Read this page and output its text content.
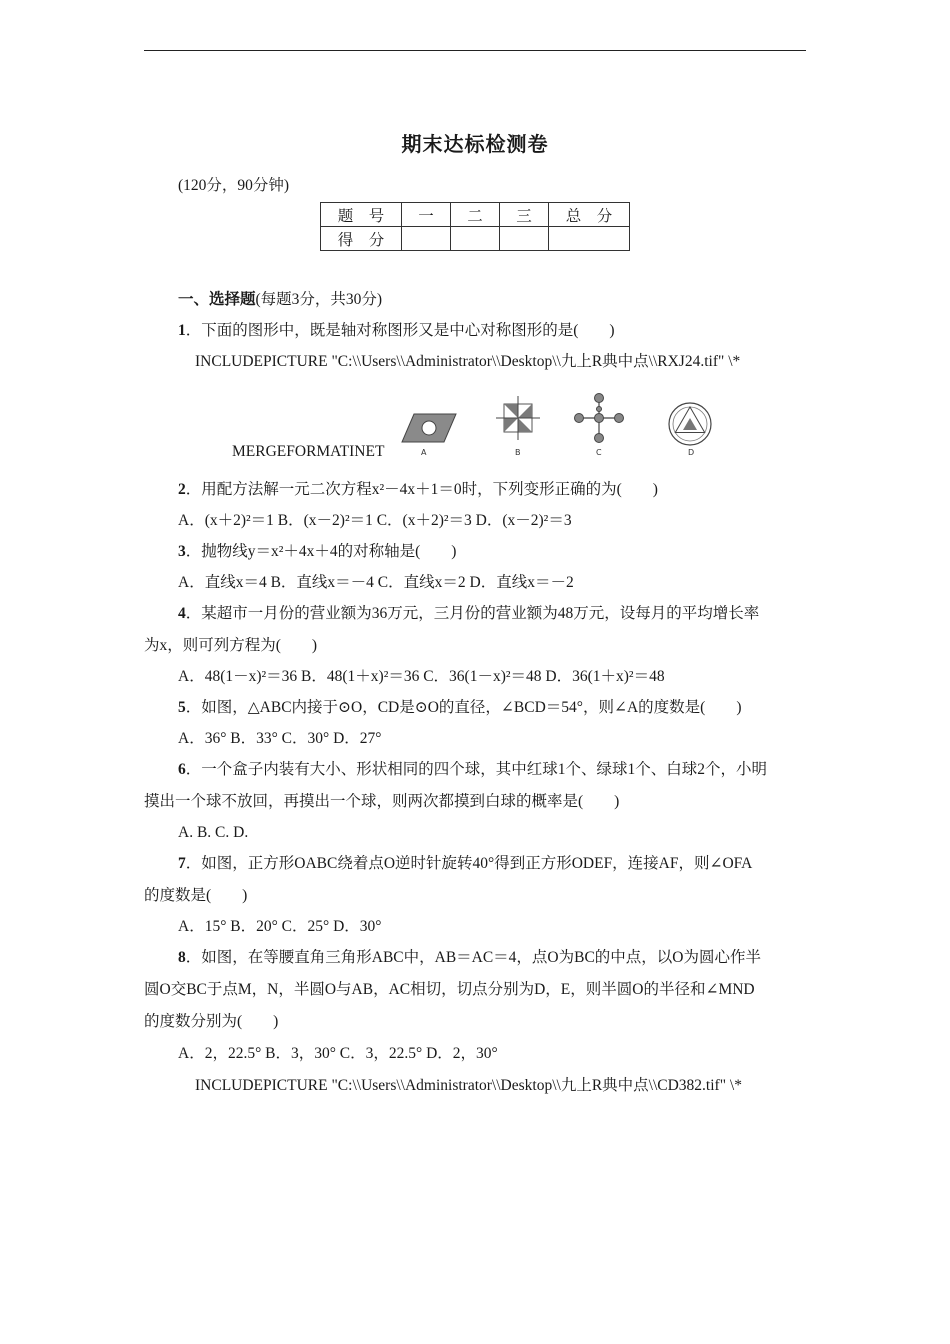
期末达标检测卷
(120分，90分钟)
题　号	一	二	三	总　分
得　分				
一、选择题(每题3分，共30分)
1．下面的图形中，既是轴对称图形又是中心对称图形的是(　　)
INCLUDEPICTURE "C:\\Users\\Administrator\\Desktop\\九上R典中点\\RXJ24.tif" \*
A	B	C	D
MERGEFORMATINET
2．用配方法解一元二次方程x²－4x＋1＝0时，下列变形正确的为(　　)
A．(x＋2)²＝1 B．(x－2)²＝1 C．(x＋2)²＝3 D．(x－2)²＝3
3．抛物线y＝x²＋4x＋4的对称轴是(　　)
A．直线x＝4 B．直线x＝－4 C．直线x＝2 D．直线x＝－2
4．某超市一月份的营业额为36万元，三月份的营业额为48万元，设每月的平均增长率
为x，则可列方程为(　　)
A．48(1－x)²＝36 B．48(1＋x)²＝36 C．36(1－x)²＝48 D．36(1＋x)²＝48
5．如图，△ABC内接于⊙O，CD是⊙O的直径，∠BCD＝54°，则∠A的度数是(　　)
A．36° B．33° C．30° D．27°
6．一个盒子内装有大小、形状相同的四个球，其中红球1个、绿球1个、白球2个，小明
摸出一个球不放回，再摸出一个球，则两次都摸到白球的概率是(　　)
A. B. C. D.
7．如图，正方形OABC绕着点O逆时针旋转40°得到正方形ODEF，连接AF，则∠OFA
的度数是(　　)
A．15° B．20° C．25° D．30°
8．如图，在等腰直角三角形ABC中，AB＝AC＝4，点O为BC的中点，以O为圆心作半
圆O交BC于点M，N，半圆O与AB，AC相切，切点分别为D，E，则半圆O的半径和∠MND
的度数分别为(　　)
A．2，22.5° B．3，30° C．3，22.5° D．2，30°
INCLUDEPICTURE "C:\\Users\\Administrator\\Desktop\\九上R典中点\\CD382.tif" \*
